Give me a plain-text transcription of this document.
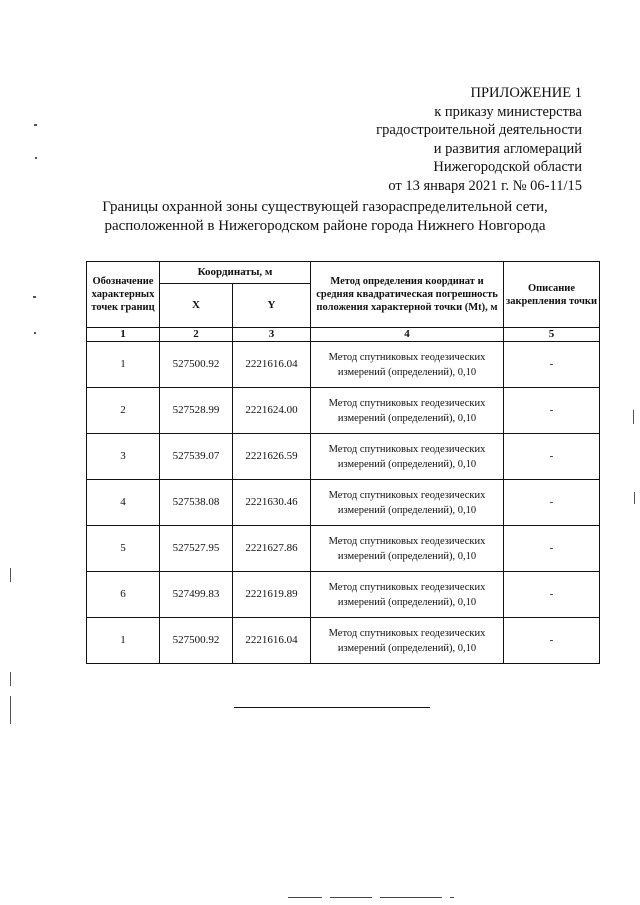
ПРИЛОЖЕНИЕ 1
к приказу министерства
градостроительной деятельности
и развития агломераций
Нижегородской области
от 13 января 2021 г. № 06-11/15
Границы охранной зоны существующей газораспределительной сети,
расположенной в Нижегородском районе города Нижнего Новгорода
Обозначение характерных точек границ	Координаты, м		Метод определения координат и средняя квадратическая погрешность положения характерной точки (Mt), м	Описание закрепления точки
	X	Y		
1	2	3	4	5
1	527500.92	2221616.04	Метод спутниковых геодезических измерений (определений), 0,10	-
2	527528.99	2221624.00	Метод спутниковых геодезических измерений (определений), 0,10	-
3	527539.07	2221626.59	Метод спутниковых геодезических измерений (определений), 0,10	-
4	527538.08	2221630.46	Метод спутниковых геодезических измерений (определений), 0,10	-
5	527527.95	2221627.86	Метод спутниковых геодезических измерений (определений), 0,10	-
6	527499.83	2221619.89	Метод спутниковых геодезических измерений (определений), 0,10	-
1	527500.92	2221616.04	Метод спутниковых геодезических измерений (определений), 0,10	-
